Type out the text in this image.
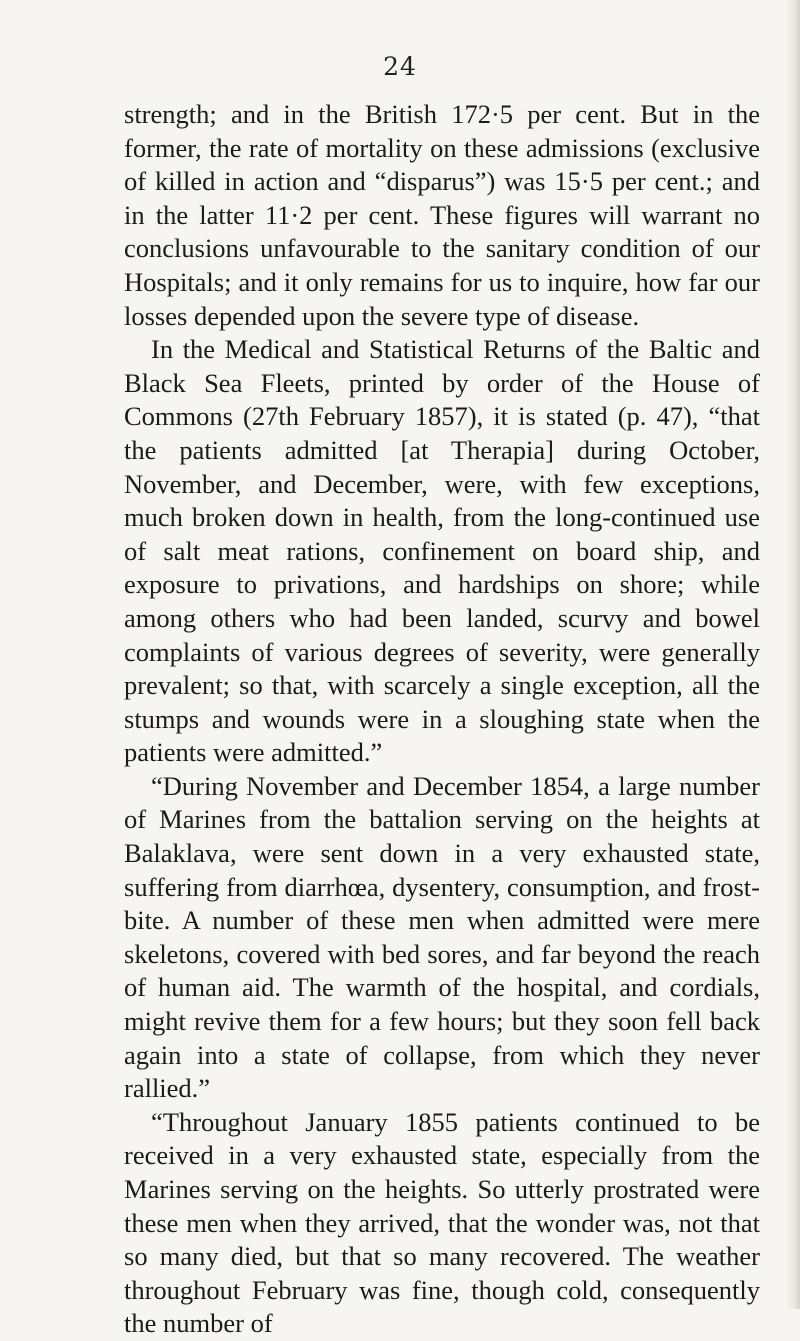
24

strength; and in the British 172·5 per cent. But in the former, the rate of mortality on these admissions (exclusive of killed in action and “disparus”) was 15·5 per cent.; and in the latter 11·2 per cent. These figures will warrant no conclusions unfavourable to the sanitary condition of our Hospitals; and it only remains for us to inquire, how far our losses depended upon the severe type of disease.

In the Medical and Statistical Returns of the Baltic and Black Sea Fleets, printed by order of the House of Commons (27th February 1857), it is stated (p. 47), “that the patients admitted [at Therapia] during October, November, and December, were, with few exceptions, much broken down in health, from the long-continued use of salt meat rations, confinement on board ship, and exposure to privations, and hardships on shore; while among others who had been landed, scurvy and bowel complaints of various degrees of severity, were generally prevalent; so that, with scarcely a single exception, all the stumps and wounds were in a sloughing state when the patients were admitted.”

“During November and December 1854, a large number of Marines from the battalion serving on the heights at Balaklava, were sent down in a very exhausted state, suffering from diarrhœa, dysentery, consumption, and frost-bite. A number of these men when admitted were mere skeletons, covered with bed sores, and far beyond the reach of human aid. The warmth of the hospital, and cordials, might revive them for a few hours; but they soon fell back again into a state of collapse, from which they never rallied.”

“Throughout January 1855 patients continued to be received in a very exhausted state, especially from the Marines serving on the heights. So utterly prostrated were these men when they arrived, that the wonder was, not that so many died, but that so many recovered. The weather throughout February was fine, though cold, consequently the number of
